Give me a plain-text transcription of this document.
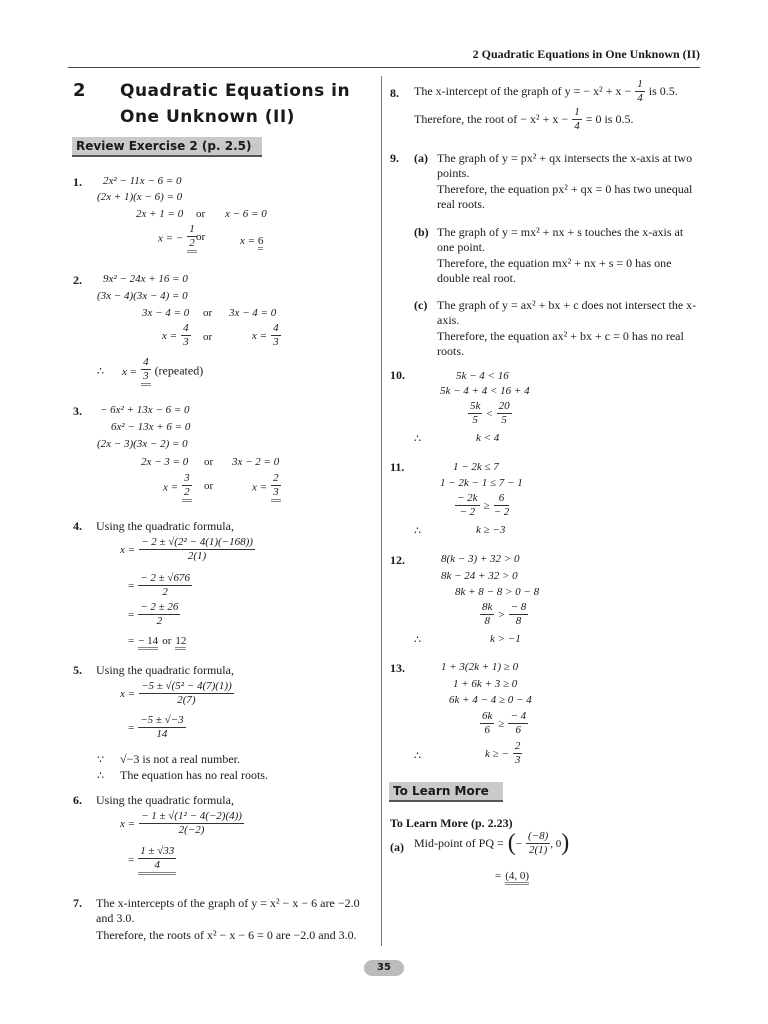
2 Quadratic Equations in One Unknown (II)
2 Quadratic Equations in One Unknown (II)
Review Exercise 2 (p. 2.5)
1. 2x² − 11x − 6 = 0
(2x + 1)(x − 6) = 0
2x + 1 = 0 or x − 6 = 0
x = − $\frac{1}{2}$ or	x = 6
2. 9x² − 24x + 16 = 0
(3x − 4)(3x − 4) = 0
3x − 4 = 0 or 3x − 4 = 0
$x = \frac{4}{3}$ or	$x = \frac{4}{3}$
∴ $x = \frac{4}{3}$ (repeated)
3. − 6x² + 13x − 6 = 0
6x² − 13x + 6 = 0
(2x − 3)(3x − 2) = 0
2x − 3 = 0 or 3x − 2 = 0
$x = \frac{3}{2}$ or	$x = \frac{2}{3}$
4. Using the quadratic formula,
$x = \frac{\text{− 2 ± √(2² − 4(1)(−168))}}{2(1)}$
= $\frac{- 2 \pm √676}{2}$
= $\frac{- 2 \pm 26}{2}$
= − 14 or 12
5. Using the quadratic formula,
$x = \frac{\text{−5 ± √(5² − 4(7)(1))}}{2(7)}$
= $\frac{-5 \pm √-3}{14}$
∵ √−3 is not a real number.
∴ The equation has no real roots.
6. Using the quadratic formula,
$x = \frac{\text{− 1 ± √(1² − 4(−2)(4))}}{2(-2)}$
= $\frac{1 \pm √33}{4}$
7. The x-intercepts of the graph of y = x² − x − 6 are −2.0 and 3.0.
Therefore, the roots of x² − x − 6 = 0 are −2.0 and 3.0.
8. The x-intercept of the graph of y = − $x^2 + x - \frac{1}{4}$ is 0.5.
Therefore, the root of − $x^2 + x - \frac{1}{4} = 0$ is 0.5.
9. (a) The graph of y = px² + qx intersects the x-axis at two points.
Therefore, the equation px² + qx = 0 has two unequal real roots.
(b) The graph of y = mx² + nx + s touches the x-axis at one point.
Therefore, the equation mx² + nx + s = 0 has one double real root.
(c) The graph of y = ax² + bx + c does not intersect the x-axis.
Therefore, the equation ax² + bx + c = 0 has no real roots.
10.	5k − 4 < 16
5k − 4 + 4 < 16 + 4
$\frac{5k}{5} < \frac{20}{5}$
∴	k < 4
11.	1 − 2k ≤ 7
1 − 2k − 1 ≤ 7 − 1
$\frac{- 2k}{- 2} \ge \frac{6}{- 2}$
∴	k ≥ −3
12.	8(k − 3) + 32 > 0
8k − 24 + 32 > 0
8k + 8 − 8 > 0 − 8
$\frac{8k}{8} > \frac{- 8}{8}$
∴	k > −1
13.	1 + 3(2k + 1) ≥ 0
1 + 6k + 3 ≥ 0
6k + 4 − 4 ≥ 0 − 4
$\frac{6k}{6} \ge \frac{- 4}{6}$
∴	k ≥ − $\frac{2}{3}$
To Learn More
To Learn More (p. 2.23)
(a) Mid-point of PQ = (− $\frac{(-8)}{2(1)}$ , 0)
= (4, 0)
35
